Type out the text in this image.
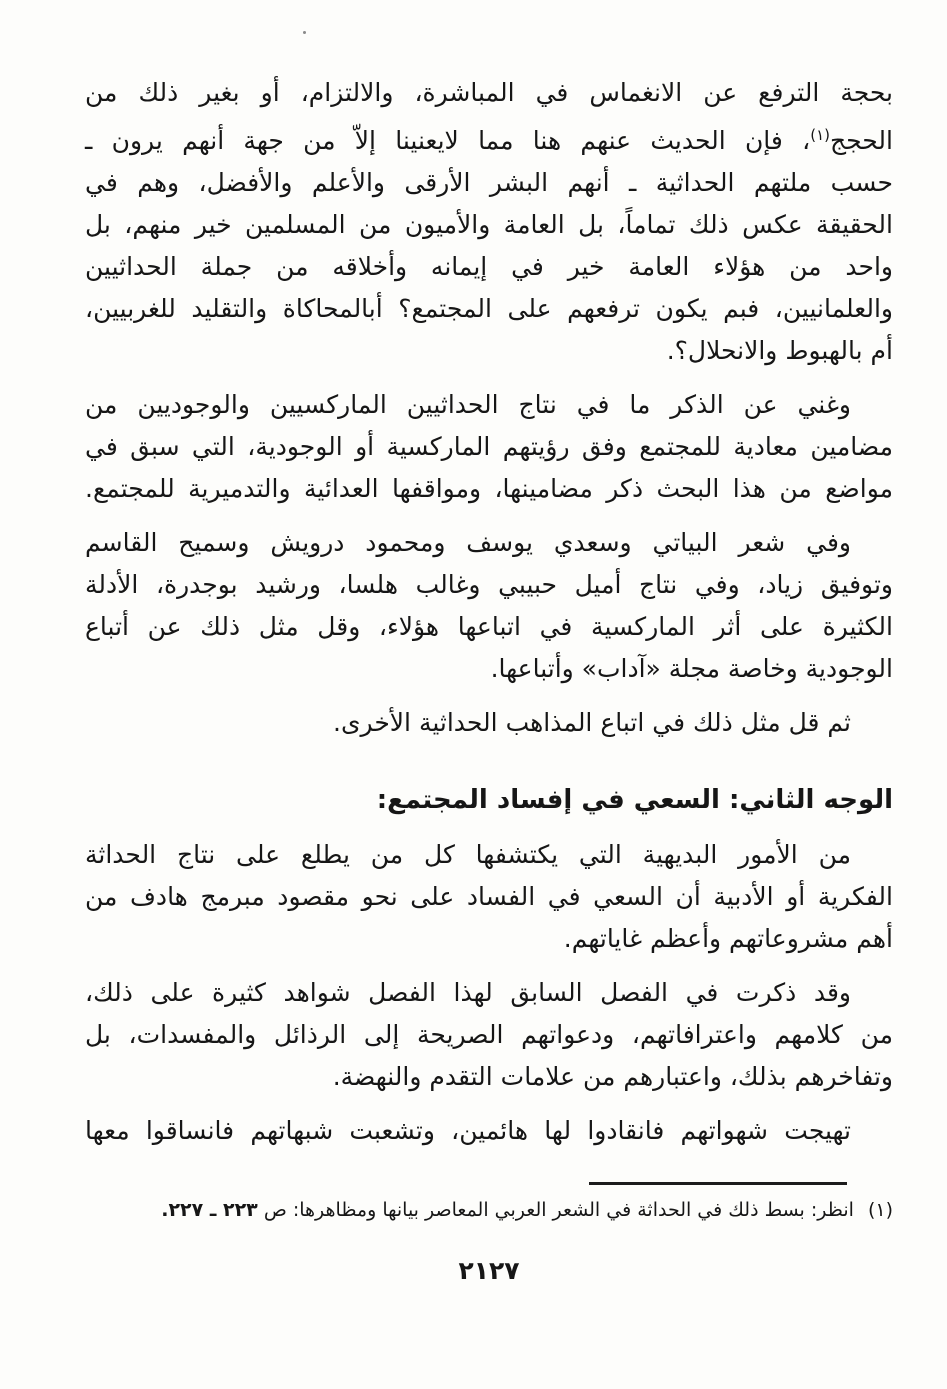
بحجة الترفع عن الانغماس في المباشرة، والالتزام، أو بغير ذلك من
الحجج$^{(١)}$، فإن الحديث عنهم هنا مما لايعنينا إلاّ من جهة أنهم يرون ـ
حسب ملتهم الحداثية ـ أنهم البشر الأرقى والأعلم والأفضل، وهم في
الحقيقة عكس ذلك تماماً، بل العامة والأميون من المسلمين خير منهم، بل
واحد من هؤلاء العامة خير في إيمانه وأخلاقه من جملة الحداثيين
والعلمانيين، فبم يكون ترفعهم على المجتمع؟ أبالمحاكاة والتقليد للغربيين،
أم بالهبوط والانحلال؟.
وغني عن الذكر ما في نتاج الحداثيين الماركسيين والوجوديين من
مضامين معادية للمجتمع وفق رؤيتهم الماركسية أو الوجودية، التي سبق في
مواضع من هذا البحث ذكر مضامينها، ومواقفها العدائية والتدميرية للمجتمع.
وفي شعر البياتي وسعدي يوسف ومحمود درويش وسميح القاسم
وتوفيق زياد، وفي نتاج أميل حبيبي وغالب هلسا، ورشيد بوجدرة، الأدلة
الكثيرة على أثر الماركسية في اتباعها هؤلاء، وقل مثل ذلك عن أتباع
الوجودية وخاصة مجلة «آداب» وأتباعها.
ثم قل مثل ذلك في اتباع المذاهب الحداثية الأخرى.
الوجه الثاني: السعي في إفساد المجتمع:
من الأمور البديهية التي يكتشفها كل من يطلع على نتاج الحداثة
الفكرية أو الأدبية أن السعي في الفساد على نحو مقصود مبرمج هادف من
أهم مشروعاتهم وأعظم غاياتهم.
وقد ذكرت في الفصل السابق لهذا الفصل شواهد كثيرة على ذلك،
من كلامهم واعترافاتهم، ودعواتهم الصريحة إلى الرذائل والمفسدات، بل
وتفاخرهم بذلك، واعتبارهم من علامات التقدم والنهضة.
تهيجت شهواتهم فانقادوا لها هائمين، وتشعبت شبهاتهم فانساقوا معها
(١)انظر: بسط ذلك في الحداثة في الشعر العربي المعاصر بيانها ومظاهرها: ص ٢٢٣ ـ ٢٢٧.
٢١٢٧
